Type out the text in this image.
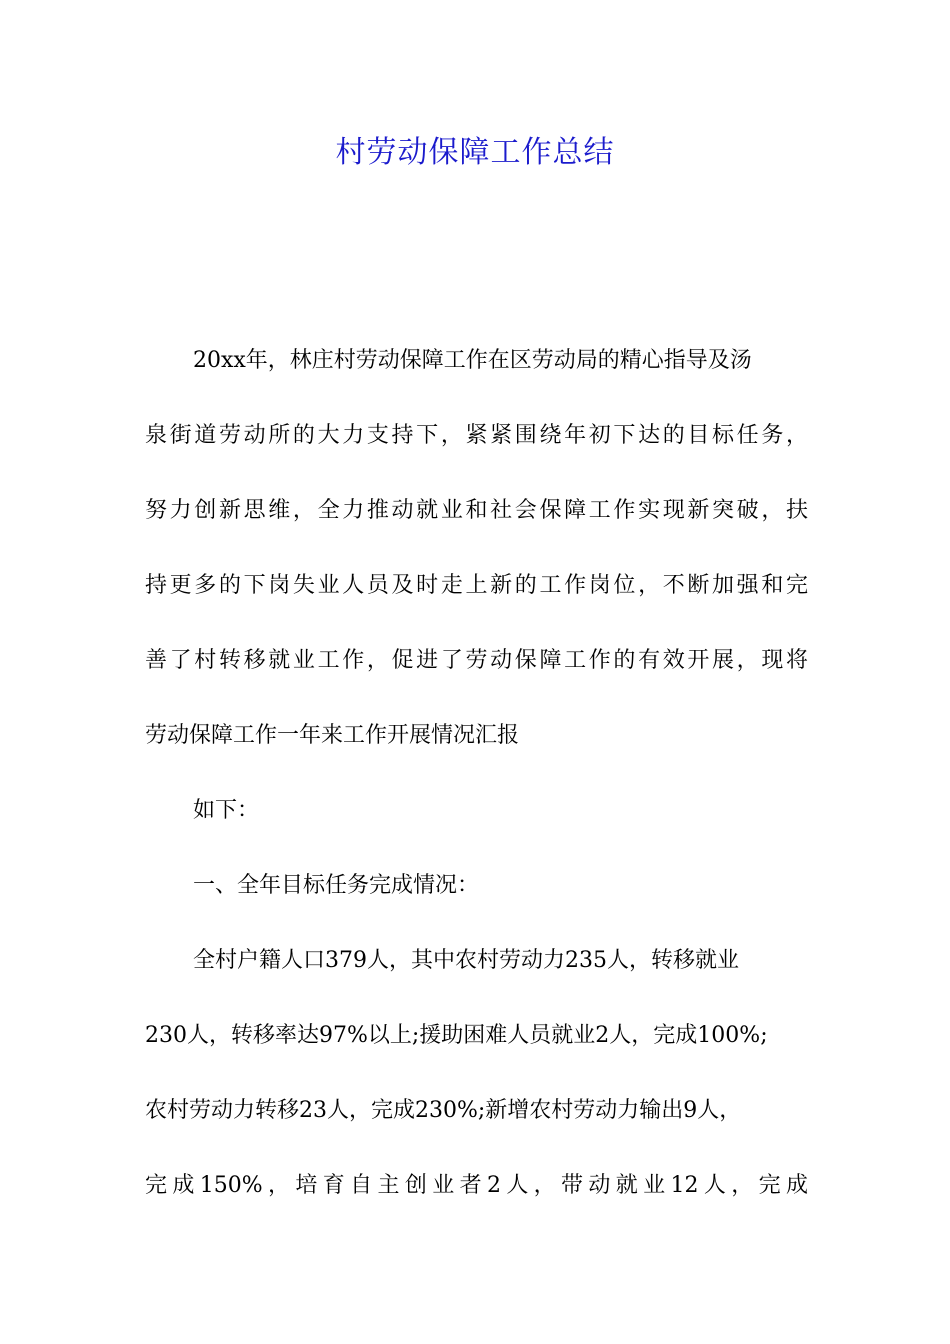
村劳动保障工作总结
20xx年，林庄村劳动保障工作在区劳动局的精心指导及汤
泉街道劳动所的大力支持下，紧紧围绕年初下达的目标任务，
努力创新思维，全力推动就业和社会保障工作实现新突破，扶
持更多的下岗失业人员及时走上新的工作岗位，不断加强和完
善了村转移就业工作，促进了劳动保障工作的有效开展，现将
劳动保障工作一年来工作开展情况汇报
如下：
一、全年目标任务完成情况：
全村户籍人口379人，其中农村劳动力235人，转移就业
230人，转移率达97%以上;援助困难人员就业2人，完成100%;
农村劳动力转移23人，完成230%;新增农村劳动力输出9人，
完成150%，培育自主创业者2人，带动就业12人，完成
